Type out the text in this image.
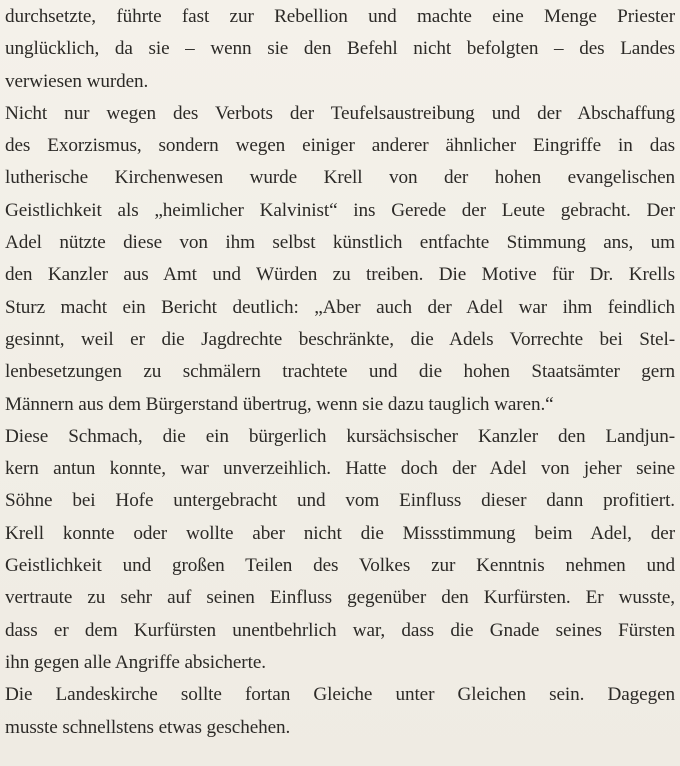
durchsetzte, führte fast zur Rebellion und machte eine Menge Priester
unglücklich, da sie – wenn sie den Befehl nicht befolgten – des Landes
verwiesen wurden.

Nicht nur wegen des Verbots der Teufelsaustreibung und der Abschaffung
des Exorzismus, sondern wegen einiger anderer ähnlicher Eingriffe in das
lutherische Kirchenwesen wurde Krell von der hohen evangelischen
Geistlichkeit als „heimlicher Kalvinist“ ins Gerede der Leute gebracht. Der
Adel nützte diese von ihm selbst künstlich entfachte Stimmung ans, um
den Kanzler aus Amt und Würden zu treiben. Die Motive für Dr. Krells
Sturz macht ein Bericht deutlich: „Aber auch der Adel war ihm feindlich
gesinnt, weil er die Jagdrechte beschränkte, die Adels Vorrechte bei Stel-
lenbesetzungen zu schmälern trachtete und die hohen Staatsämter gern
Männern aus dem Bürgerstand übertrug, wenn sie dazu tauglich waren.“

Diese Schmach, die ein bürgerlich kursächsischer Kanzler den Landjun-
kern antun konnte, war unverzeihlich. Hatte doch der Adel von jeher seine
Söhne bei Hofe untergebracht und vom Einfluss dieser dann profitiert.
Krell konnte oder wollte aber nicht die Missstimmung beim Adel, der
Geistlichkeit und großen Teilen des Volkes zur Kenntnis nehmen und
vertraute zu sehr auf seinen Einfluss gegenüber den Kurfürsten. Er wusste,
dass er dem Kurfürsten unentbehrlich war, dass die Gnade seines Fürsten
ihn gegen alle Angriffe absicherte.

Die Landeskirche sollte fortan Gleiche unter Gleichen sein. Dagegen
musste schnellstens etwas geschehen.
